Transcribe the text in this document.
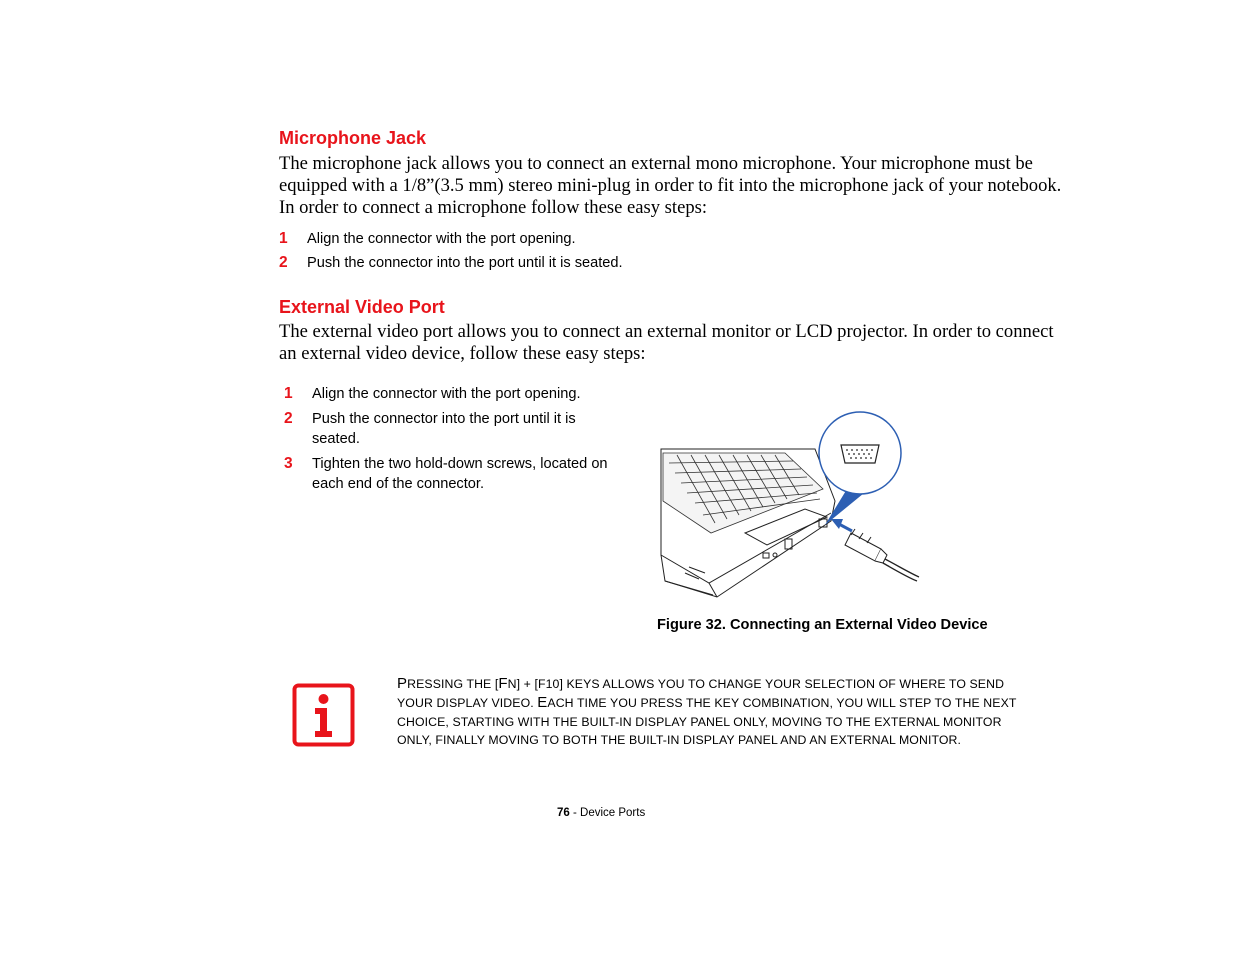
Microphone Jack

The microphone jack allows you to connect an external mono microphone. Your microphone must be equipped with a 1/8”(3.5 mm) stereo mini-plug in order to fit into the microphone jack of your notebook. In order to connect a microphone follow these easy steps:

1	Align the connector with the port opening.
2	Push the connector into the port until it is seated.
External Video Port

The external video port allows you to connect an external monitor or LCD projector. In order to connect an external video device, follow these easy steps:

1	Align the connector with the port opening.
2	Push the connector into the port until it is seated.
3	Tighten the two hold-down screws, located on each end of the connector.
Figure 32. Connecting an External Video Device
PRESSING THE [FN] + [F10] KEYS ALLOWS YOU TO CHANGE YOUR SELECTION OF WHERE TO SEND YOUR DISPLAY VIDEO. EACH TIME YOU PRESS THE KEY COMBINATION, YOU WILL STEP TO THE NEXT CHOICE, STARTING WITH THE BUILT-IN DISPLAY PANEL ONLY, MOVING TO THE EXTERNAL MONITOR ONLY, FINALLY MOVING TO BOTH THE BUILT-IN DISPLAY PANEL AND AN EXTERNAL MONITOR.
76 - Device Ports
